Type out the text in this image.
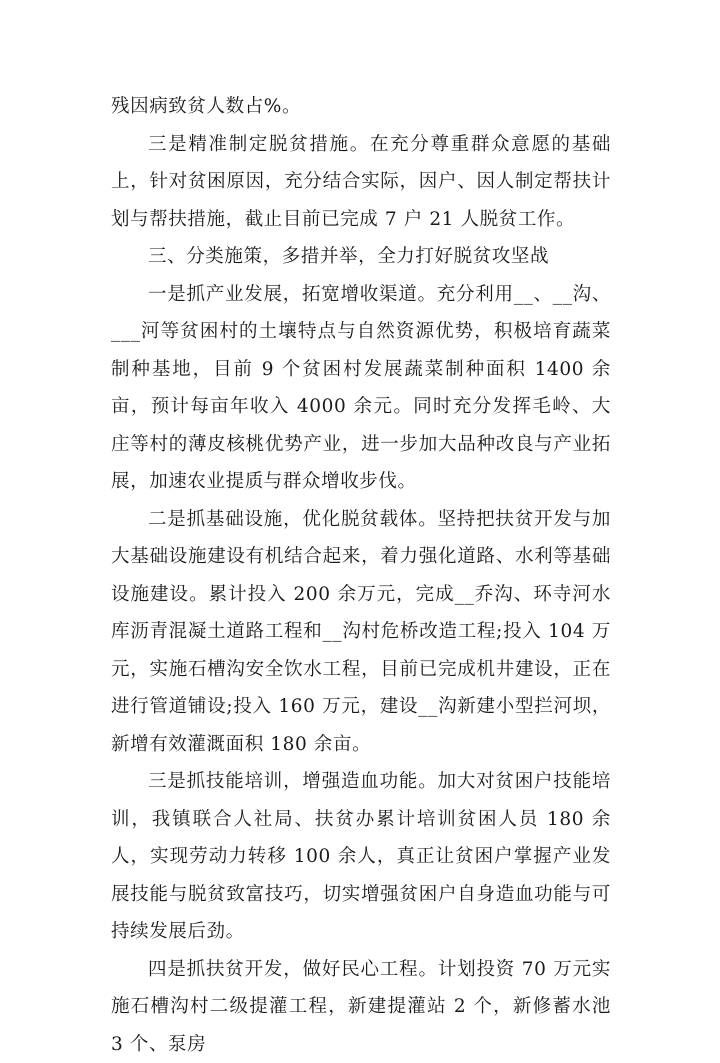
残因病致贫人数占%。

三是精准制定脱贫措施。在充分尊重群众意愿的基础上，针对贫困原因，充分结合实际，因户、因人制定帮扶计划与帮扶措施，截止目前已完成 7 户 21 人脱贫工作。

三、分类施策，多措并举，全力打好脱贫攻坚战

一是抓产业发展，拓宽增收渠道。充分利用__、__沟、___河等贫困村的土壤特点与自然资源优势，积极培育蔬菜制种基地，目前 9 个贫困村发展蔬菜制种面积 1400 余亩，预计每亩年收入 4000 余元。同时充分发挥毛岭、大庄等村的薄皮核桃优势产业，进一步加大品种改良与产业拓展，加速农业提质与群众增收步伐。

二是抓基础设施，优化脱贫载体。坚持把扶贫开发与加大基础设施建设有机结合起来，着力强化道路、水利等基础设施建设。累计投入 200 余万元，完成__乔沟、环寺河水库沥青混凝土道路工程和__沟村危桥改造工程;投入 104 万元，实施石槽沟安全饮水工程，目前已完成机井建设，正在进行管道铺设;投入 160 万元，建设__沟新建小型拦河坝，新增有效灌溉面积 180 余亩。

三是抓技能培训，增强造血功能。加大对贫困户技能培训，我镇联合人社局、扶贫办累计培训贫困人员 180 余人，实现劳动力转移 100 余人，真正让贫困户掌握产业发展技能与脱贫致富技巧，切实增强贫困户自身造血功能与可持续发展后劲。

四是抓扶贫开发，做好民心工程。计划投资 70 万元实施石槽沟村二级提灌工程，新建提灌站 2 个，新修蓄水池 3 个、泵房
